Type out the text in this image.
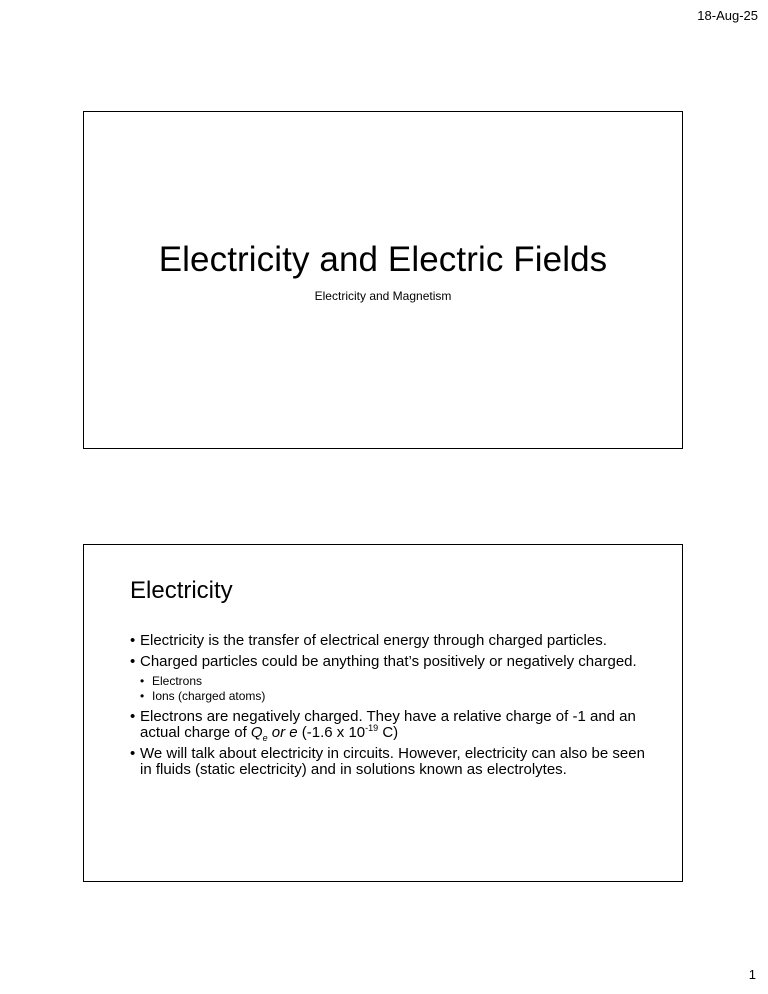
18-Aug-25
Electricity and Electric Fields
Electricity and Magnetism
Electricity
• Electricity is the transfer of electrical energy through charged particles.
• Charged particles could be anything that’s positively or negatively charged.
• Electrons
• Ions (charged atoms)
• Electrons are negatively charged. They have a relative charge of -1 and an actual charge of $Q_e$ or e (-1.6 x $10^{-19}$ C)
• We will talk about electricity in circuits. However, electricity can also be seen in fluids (static electricity) and in solutions known as electrolytes.
1
